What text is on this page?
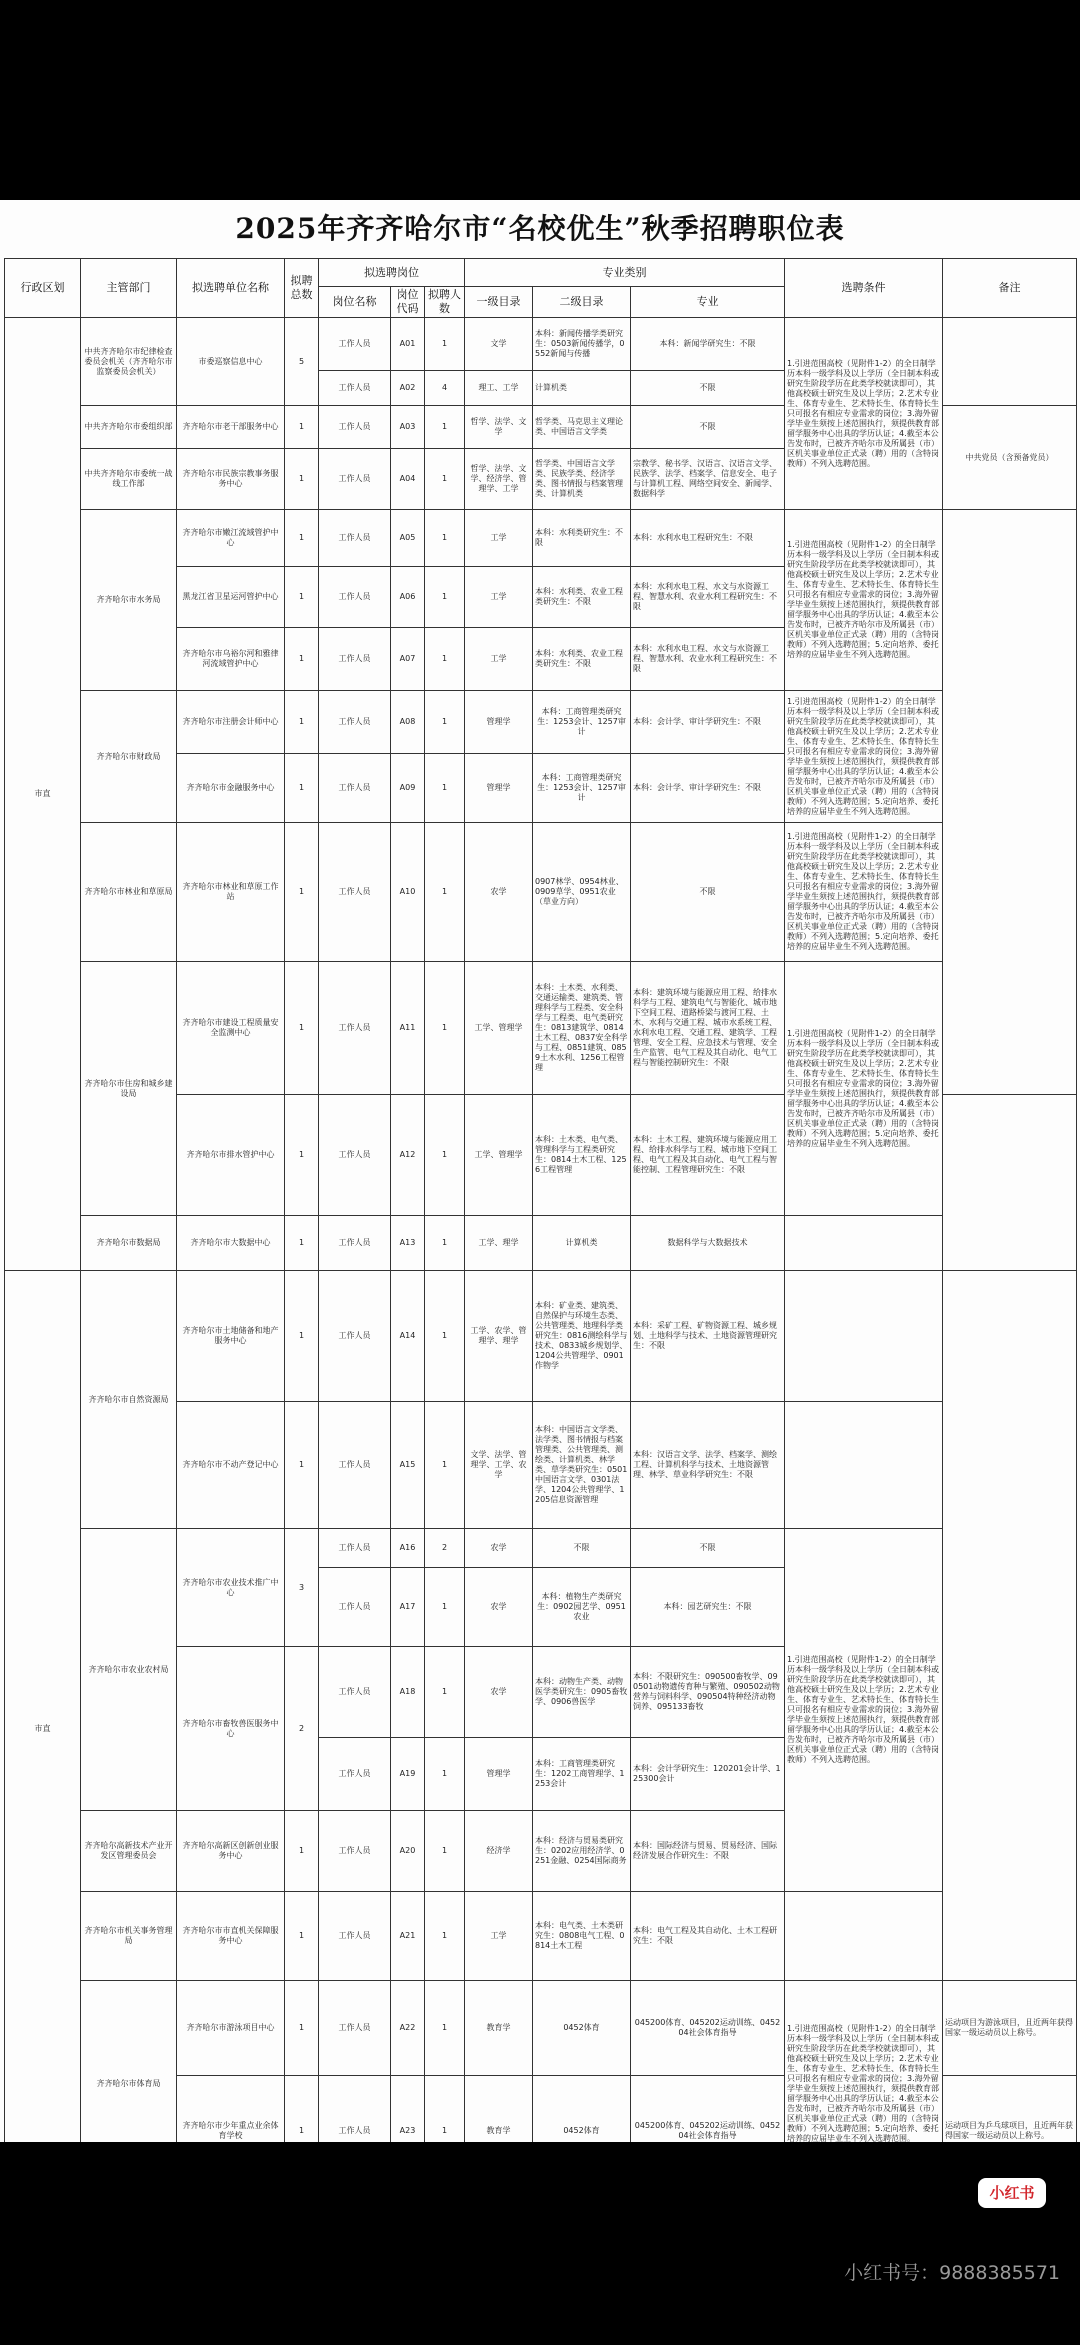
2025年齐齐哈尔市“名校优生”秋季招聘职位表
行政区划	主管部门	拟选聘单位名称	拟聘
总数	拟选聘岗位			专业类别			选聘条件	备注	
				岗位名称	岗位代码	拟聘人数	一级目录	二级目录	专业			
市直	中共齐齐哈尔市纪律检查委员会机关（齐齐哈尔市监察委员会机关）	市委巡察信息中心	5	工作人员	A01	1	文学	本科：新闻传播学类研究生：0503新闻传播学，0552新闻与传播	本科：新闻学研究生：不限	1.引进范围高校（见附件1-2）的全日制学历本科一级学科及以上学历（全日制本科或研究生阶段学历在此类学校就读即可），其他高校硕士研究生及以上学历；2.艺术专业生、体育专业生、艺术特长生、体育特长生只可报名有相应专业需求的岗位；3.海外留学毕业生须按上述范围执行，须提供教育部留学服务中心出具的学历认证；4.截至本公告发布时，已被齐齐哈尔市及所属县（市）区机关事业单位正式录（聘）用的（含特岗教师）不列入选聘范围。		
				工作人员	A02	4	理工、工学	计算机类	不限			
	中共齐齐哈尔市委组织部	齐齐哈尔市老干部服务中心	1	工作人员	A03	1	哲学、法学、文学	哲学类、马克思主义理论类、中国语言文学类	不限		中共党员（含预备党员）	
	中共齐齐哈尔市委统一战线工作部	齐齐哈尔市民族宗教事务服务中心	1	工作人员	A04	1	哲学、法学、文学、经济学、管理学、工学	哲学类、中国语言文学类、民族学类、经济学类、图书情报与档案管理类、计算机类	宗教学、秘书学、汉语言、汉语言文学、民族学、法学、档案学、信息安全、电子与计算机工程、网络空间安全、新闻学、数据科学			
	齐齐哈尔市水务局	齐齐哈尔市嫩江流域管护中心	1	工作人员	A05	1	工学	本科：水利类研究生：不限	本科：水利水电工程研究生：不限	1.引进范围高校（见附件1-2）的全日制学历本科一级学科及以上学历（全日制本科或研究生阶段学历在此类学校就读即可），其他高校硕士研究生及以上学历；2.艺术专业生、体育专业生、艺术特长生、体育特长生只可报名有相应专业需求的岗位；3.海外留学毕业生须按上述范围执行，须提供教育部留学服务中心出具的学历认证；4.截至本公告发布时，已被齐齐哈尔市及所属县（市）区机关事业单位正式录（聘）用的（含特岗教师）不列入选聘范围；5.定向培养、委托培养的应届毕业生不列入选聘范围。		
		黑龙江省卫星运河管护中心	1	工作人员	A06	1	工学	本科：水利类、农业工程类研究生：不限	本科：水利水电工程、水文与水资源工程、智慧水利、农业水利工程研究生：不限			
		齐齐哈尔市乌裕尔河和雅律河流域管护中心	1	工作人员	A07	1	工学	本科：水利类、农业工程类研究生：不限	本科：水利水电工程、水文与水资源工程、智慧水利、农业水利工程研究生：不限			
	齐齐哈尔市财政局	齐齐哈尔市注册会计师中心	1	工作人员	A08	1	管理学	本科：工商管理类研究生：1253会计、1257审计	本科：会计学、审计学研究生：不限	1.引进范围高校（见附件1-2）的全日制学历本科一级学科及以上学历（全日制本科或研究生阶段学历在此类学校就读即可），其他高校硕士研究生及以上学历；2.艺术专业生、体育专业生、艺术特长生、体育特长生只可报名有相应专业需求的岗位；3.海外留学毕业生须按上述范围执行，须提供教育部留学服务中心出具的学历认证；4.截至本公告发布时，已被齐齐哈尔市及所属县（市）区机关事业单位正式录（聘）用的（含特岗教师）不列入选聘范围；5.定向培养、委托培养的应届毕业生不列入选聘范围。		
		齐齐哈尔市金融服务中心	1	工作人员	A09	1	管理学	本科：工商管理类研究生：1253会计、1257审计	本科：会计学、审计学研究生：不限			
	齐齐哈尔市林业和草原局	齐齐哈尔市林业和草原工作站	1	工作人员	A10	1	农学	0907林学、0954林业、0909草学、0951农业（草业方向）	不限	1.引进范围高校（见附件1-2）的全日制学历本科一级学科及以上学历（全日制本科或研究生阶段学历在此类学校就读即可），其他高校硕士研究生及以上学历；2.艺术专业生、体育专业生、艺术特长生、体育特长生只可报名有相应专业需求的岗位；3.海外留学毕业生须按上述范围执行，须提供教育部留学服务中心出具的学历认证；4.截至本公告发布时，已被齐齐哈尔市及所属县（市）区机关事业单位正式录（聘）用的（含特岗教师）不列入选聘范围；5.定向培养、委托培养的应届毕业生不列入选聘范围。		
	齐齐哈尔市住房和城乡建设局	齐齐哈尔市建设工程质量安全监测中心	1	工作人员	A11	1	工学、管理学	本科：土木类、水利类、交通运输类、建筑类、管理科学与工程类、安全科学与工程类、电气类研究生：0813建筑学、0814土木工程、0837安全科学与工程、0851建筑、0859土木水利、1256工程管理	本科：建筑环境与能源应用工程、给排水科学与工程、建筑电气与智能化、城市地下空间工程、道路桥梁与渡河工程、土木、水利与交通工程、城市水系统工程、水利水电工程、交通工程、建筑学、工程管理、安全工程、应急技术与管理、安全生产监管、电气工程及其自动化、电气工程与智能控制研究生：不限	1.引进范围高校（见附件1-2）的全日制学历本科一级学科及以上学历（全日制本科或研究生阶段学历在此类学校就读即可），其他高校硕士研究生及以上学历；2.艺术专业生、体育专业生、艺术特长生、体育特长生只可报名有相应专业需求的岗位；3.海外留学毕业生须按上述范围执行，须提供教育部留学服务中心出具的学历认证；4.截至本公告发布时，已被齐齐哈尔市及所属县（市）区机关事业单位正式录（聘）用的（含特岗教师）不列入选聘范围；5.定向培养、委托培养的应届毕业生不列入选聘范围。		
		齐齐哈尔市排水管护中心	1	工作人员	A12	1	工学、管理学	本科：土木类、电气类、管理科学与工程类研究生：0814土木工程、1256工程管理	本科：土木工程、建筑环境与能源应用工程、给排水科学与工程、城市地下空间工程、电气工程及其自动化、电气工程与智能控制、工程管理研究生：不限			
	齐齐哈尔市数据局	齐齐哈尔市大数据中心	1	工作人员	A13	1	工学、理学	计算机类	数据科学与大数据技术			
市直	齐齐哈尔市自然资源局	齐齐哈尔市土地储备和地产服务中心	1	工作人员	A14	1	工学、农学、管理学、理学	本科：矿业类、建筑类、自然保护与环境生态类、公共管理类、地理科学类研究生：0816测绘科学与技术、0833城乡规划学、1204公共管理学、0901作物学	本科：采矿工程、矿物资源工程、城乡规划、土地科学与技术、土地资源管理研究生：不限			
		齐齐哈尔市不动产登记中心	1	工作人员	A15	1	文学、法学、管理学、工学、农学	本科：中国语言文学类、法学类、图书情报与档案管理类、公共管理类、测绘类、计算机类、林学类、草学类研究生：0501中国语言文学、0301法学、1204公共管理学、1205信息资源管理	本科：汉语言文学、法学、档案学、测绘工程、计算机科学与技术、土地资源管理、林学、草业科学研究生：不限			
	齐齐哈尔市农业农村局	齐齐哈尔市农业技术推广中心	3	工作人员	A16	2	农学	不限	不限	1.引进范围高校（见附件1-2）的全日制学历本科一级学科及以上学历（全日制本科或研究生阶段学历在此类学校就读即可），其他高校硕士研究生及以上学历；2.艺术专业生、体育专业生、艺术特长生、体育特长生只可报名有相应专业需求的岗位；3.海外留学毕业生须按上述范围执行，须提供教育部留学服务中心出具的学历认证；4.截至本公告发布时，已被齐齐哈尔市及所属县（市）区机关事业单位正式录（聘）用的（含特岗教师）不列入选聘范围。		
				工作人员	A17	1	农学	本科：植物生产类研究生：0902园艺学、0951农业	本科：园艺研究生：不限			
		齐齐哈尔市畜牧兽医服务中心	2	工作人员	A18	1	农学	本科：动物生产类、动物医学类研究生：0905畜牧学、0906兽医学	本科：不限研究生：090500畜牧学、090501动物遗传育种与繁殖、090502动物营养与饲料科学、090504特种经济动物饲养、095133畜牧			
				工作人员	A19	1	管理学	本科：工商管理类研究生：1202工商管理学、1253会计	本科：会计学研究生：120201会计学、125300会计			
	齐齐哈尔高新技术产业开发区管理委员会	齐齐哈尔高新区创新创业服务中心	1	工作人员	A20	1	经济学	本科：经济与贸易类研究生：0202应用经济学、0251金融、0254国际商务	本科：国际经济与贸易、贸易经济、国际经济发展合作研究生：不限			
	齐齐哈尔市机关事务管理局	齐齐哈尔市市直机关保障服务中心	1	工作人员	A21	1	工学	本科：电气类、土木类研究生：0808电气工程、0814土木工程	本科：电气工程及其自动化、土木工程研究生：不限			
	齐齐哈尔市体育局	齐齐哈尔市游泳项目中心	1	工作人员	A22	1	教育学	0452体育	045200体育、045202运动训练、045204社会体育指导	1.引进范围高校（见附件1-2）的全日制学历本科一级学科及以上学历（全日制本科或研究生阶段学历在此类学校就读即可），其他高校硕士研究生及以上学历；2.艺术专业生、体育专业生、艺术特长生、体育特长生只可报名有相应专业需求的岗位；3.海外留学毕业生须按上述范围执行，须提供教育部留学服务中心出具的学历认证；4.截至本公告发布时，已被齐齐哈尔市及所属县（市）区机关事业单位正式录（聘）用的（含特岗教师）不列入选聘范围；5.定向培养、委托培养的应届毕业生不列入选聘范围。	运动项目为游泳项目，且近两年获得国家一级运动员以上称号。	
		齐齐哈尔市少年重点业余体育学校	1	工作人员	A23	1	教育学	0452体育	045200体育、045202运动训练、045204社会体育指导		运动项目为乒乓球项目，且近两年获得国家一级运动员以上称号。	
小红书
小红书号：9888385571
